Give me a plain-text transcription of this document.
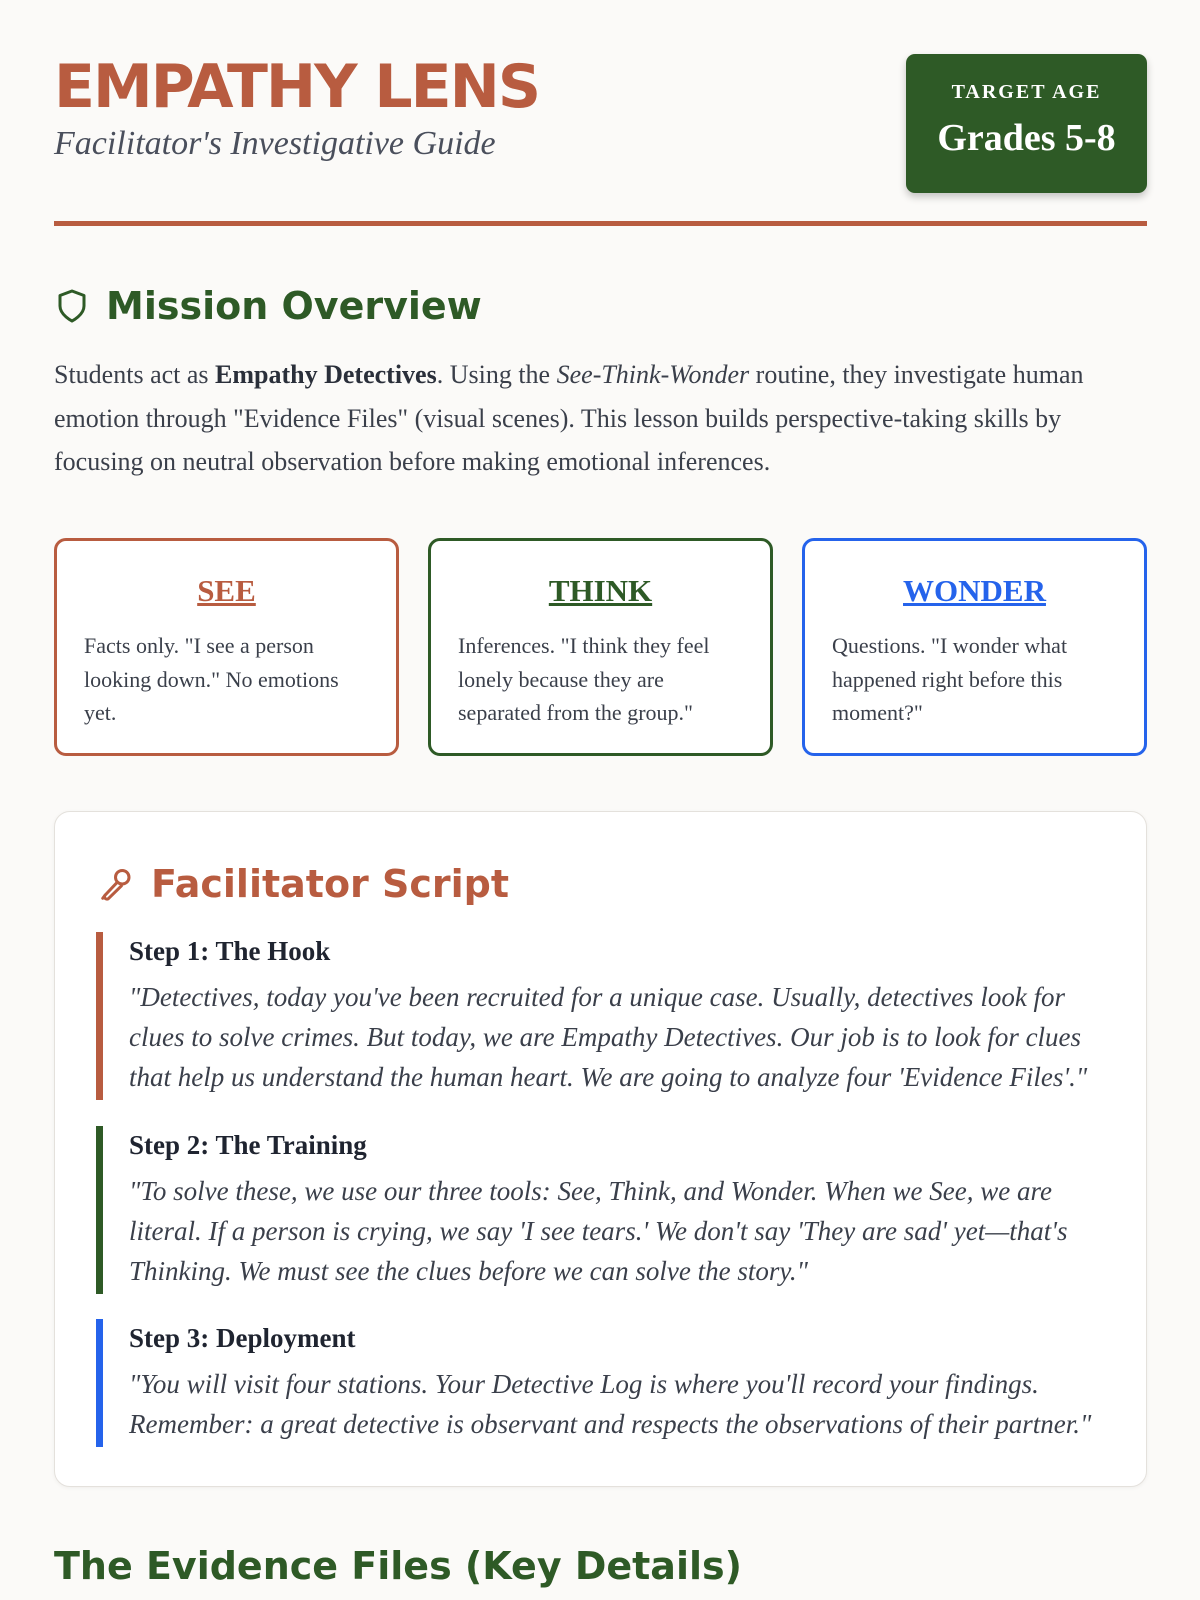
EMPATHY LENS
Facilitator's Investigative Guide
TARGET AGE
Grades 5-8
Mission Overview

Students act as Empathy Detectives. Using the See-Think-Wonder routine, they investigate human emotion through "Evidence Files" (visual scenes). This lesson builds perspective-taking skills by focusing on neutral observation before making emotional inferences.

SEE
Facts only. "I see a person looking down." No emotions yet.
THINK
Inferences. "I think they feel lonely because they are separated from the group."
WONDER
Questions. "I wonder what happened right before this moment?"
Facilitator Script
Step 1: The Hook
"Detectives, today you've been recruited for a unique case. Usually, detectives look for clues to solve crimes. But today, we are Empathy Detectives. Our job is to look for clues that help us understand the human heart. We are going to analyze four 'Evidence Files'."
Step 2: The Training
"To solve these, we use our three tools: See, Think, and Wonder. When we See, we are literal. If a person is crying, we say 'I see tears.' We don't say 'They are sad' yet—that's Thinking. We must see the clues before we can solve the story."
Step 3: Deployment
"You will visit four stations. Your Detective Log is where you'll record your findings. Remember: a great detective is observant and respects the observations of their partner."
The Evidence Files (Key Details)
